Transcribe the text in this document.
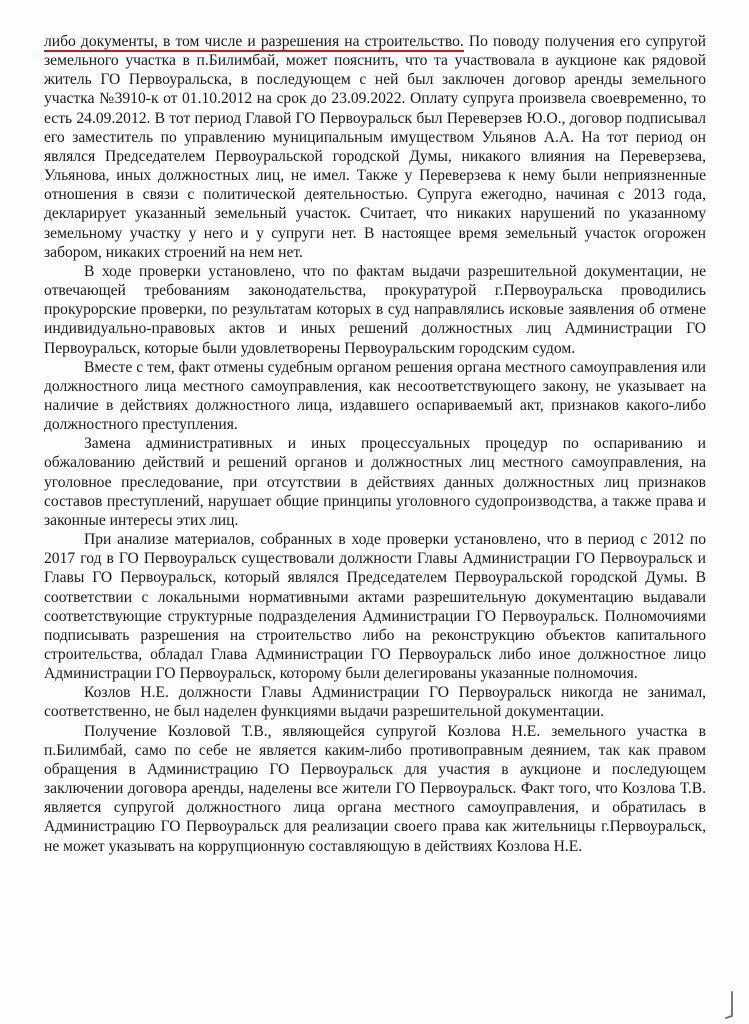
либо документы, в том числе и разрешения на строительство. По поводу получения его супругой земельного участка в п.Билимбай, может пояснить, что та участвовала в аукционе как рядовой житель ГО Первоуральска, в последующем с ней был заключен договор аренды земельного участка №3910-к от 01.10.2012 на срок до 23.09.2022. Оплату супруга произвела своевременно, то есть 24.09.2012. В тот период Главой ГО Первоуральск был Переверзев Ю.О., договор подписывал его заместитель по управлению муниципальным имуществом Ульянов А.А. На тот период он являлся Председателем Первоуральской городской Думы, никакого влияния на Переверзева, Ульянова, иных должностных лиц, не имел. Также у Переверзева к нему были неприязненные отношения в связи с политической деятельностью. Супруга ежегодно, начиная с 2013 года, декларирует указанный земельный участок. Считает, что никаких нарушений по указанному земельному участку у него и у супруги нет. В настоящее время земельный участок огорожен забором, никаких строений на нем нет.

В ходе проверки установлено, что по фактам выдачи разрешительной документации, не отвечающей требованиям законодательства, прокуратурой г.Первоуральска проводились прокурорские проверки, по результатам которых в суд направлялись исковые заявления об отмене индивидуально-правовых актов и иных решений должностных лиц Администрации ГО Первоуральск, которые были удовлетворены Первоуральским городским судом.

Вместе с тем, факт отмены судебным органом решения органа местного самоуправления или должностного лица местного самоуправления, как несоответствующего закону, не указывает на наличие в действиях должностного лица, издавшего оспариваемый акт, признаков какого-либо должностного преступления.

Замена административных и иных процессуальных процедур по оспариванию и обжалованию действий и решений органов и должностных лиц местного самоуправления, на уголовное преследование, при отсутствии в действиях данных должностных лиц признаков составов преступлений, нарушает общие принципы уголовного судопроизводства, а также права и законные интересы этих лиц.

При анализе материалов, собранных в ходе проверки установлено, что в период с 2012 по 2017 год в ГО Первоуральск существовали должности Главы Администрации ГО Первоуральск и Главы ГО Первоуральск, который являлся Председателем Первоуральской городской Думы. В соответствии с локальными нормативными актами разрешительную документацию выдавали соответствующие структурные подразделения Администрации ГО Первоуральск. Полномочиями подписывать разрешения на строительство либо на реконструкцию объектов капитального строительства, обладал Глава Администрации ГО Первоуральск либо иное должностное лицо Администрации ГО Первоуральск, которому были делегированы указанные полномочия.

Козлов Н.Е. должности Главы Администрации ГО Первоуральск никогда не занимал, соответственно, не был наделен функциями выдачи разрешительной документации.

Получение Козловой Т.В., являющейся супругой Козлова Н.Е. земельного участка в п.Билимбай, само по себе не является каким-либо противоправным деянием, так как правом обращения в Администрацию ГО Первоуральск для участия в аукционе и последующем заключении договора аренды, наделены все жители ГО Первоуральск. Факт того, что Козлова Т.В. является супругой должностного лица органа местного самоуправления, и обратилась в Администрацию ГО Первоуральск для реализации своего права как жительницы г.Первоуральск, не может указывать на коррупционную составляющую в действиях Козлова Н.Е.
